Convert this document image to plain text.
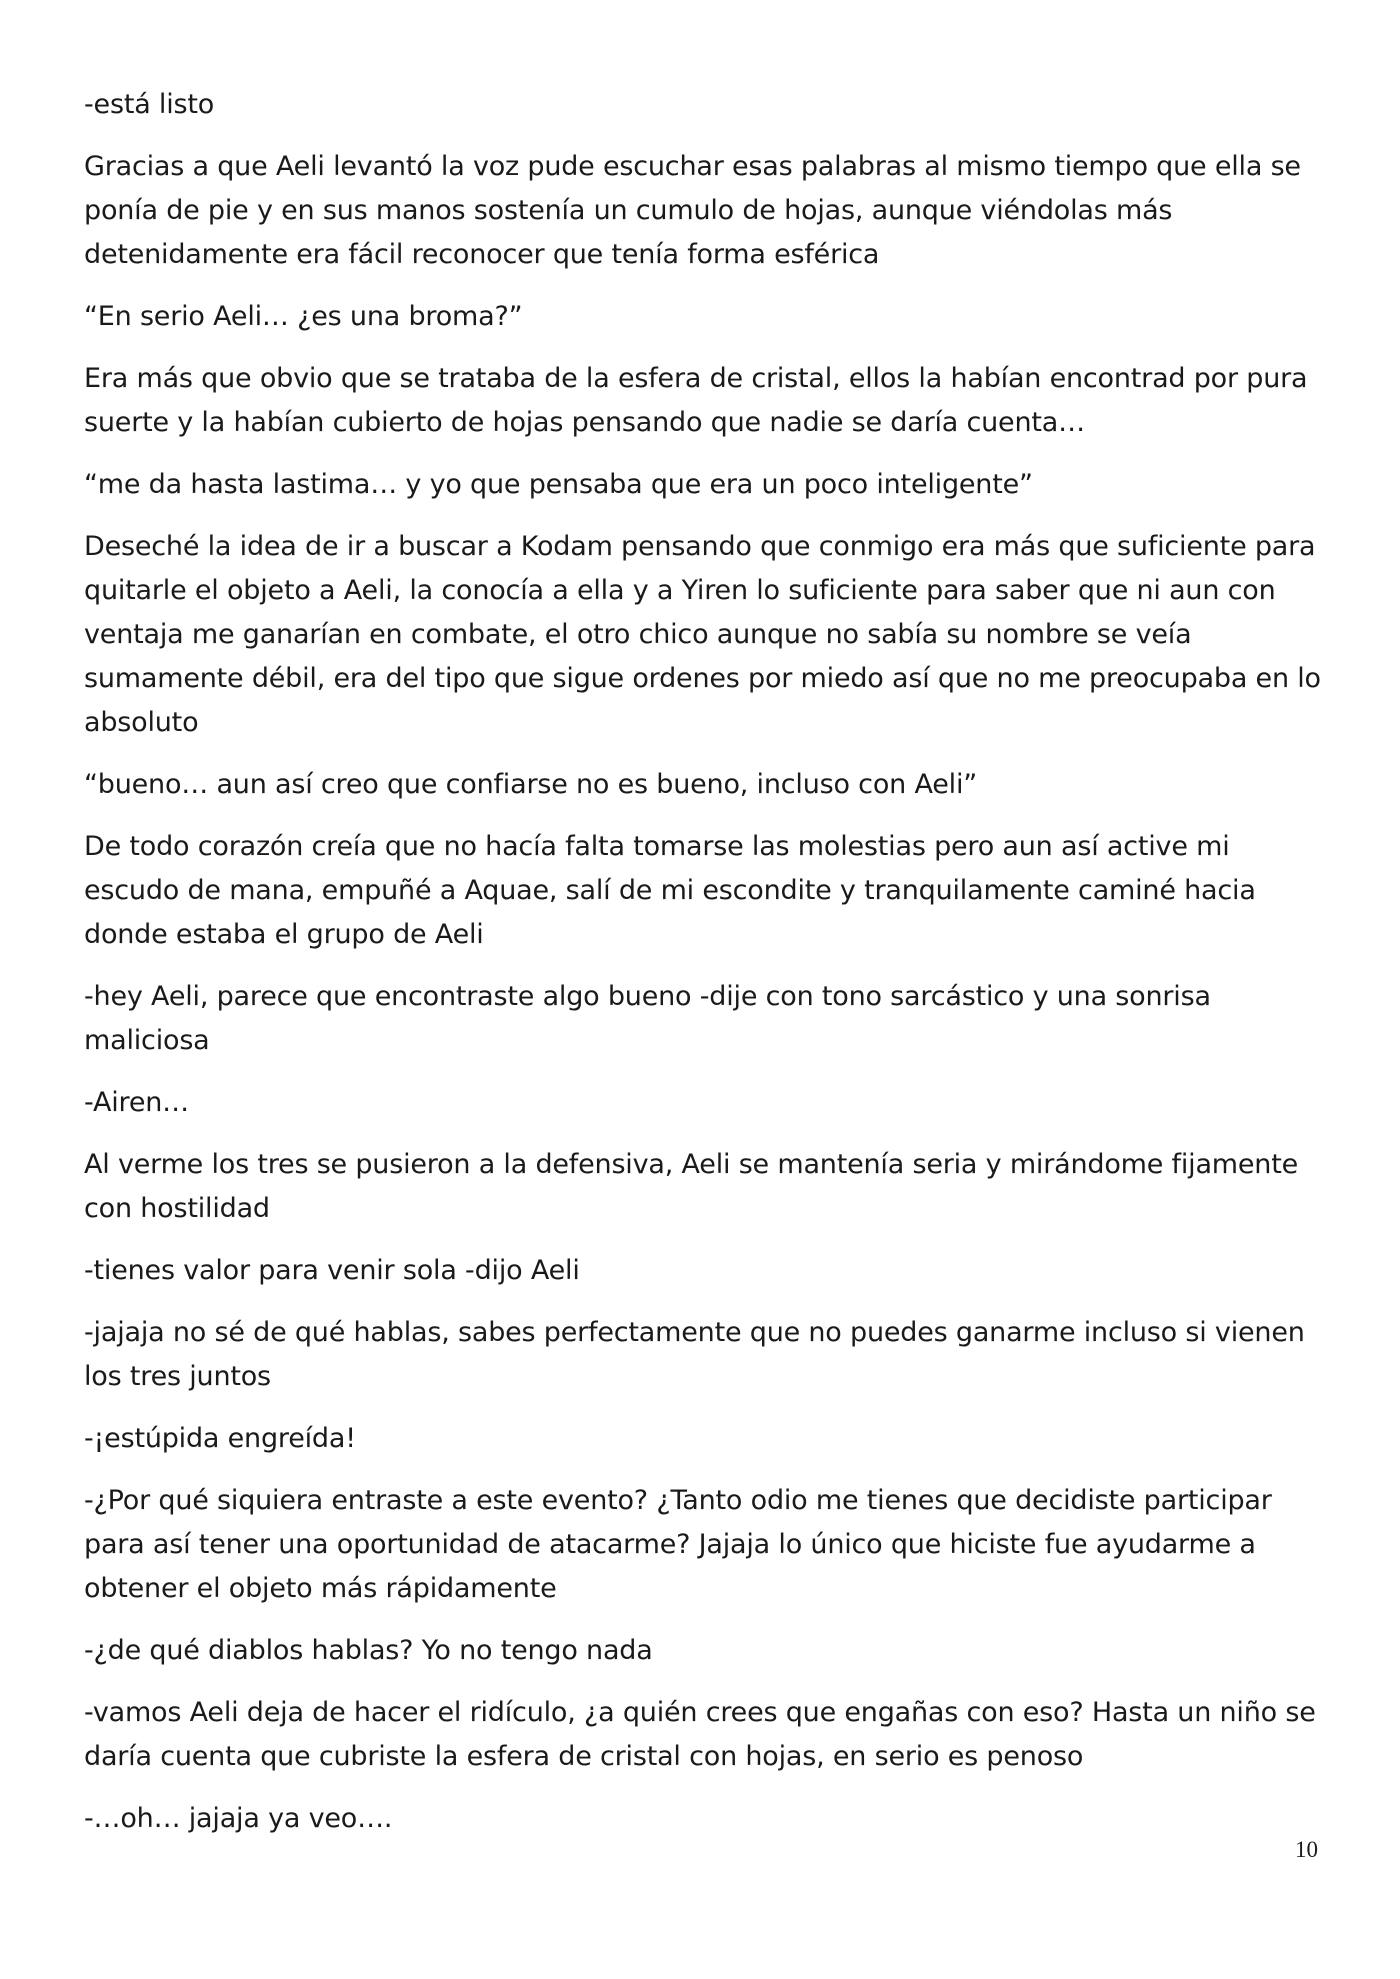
-está listo

Gracias a que Aeli levantó la voz pude escuchar esas palabras al mismo tiempo que ella se ponía de pie y en sus manos sostenía un cumulo de hojas, aunque viéndolas más detenidamente era fácil reconocer que tenía forma esférica

“En serio Aeli… ¿es una broma?”

Era más que obvio que se trataba de la esfera de cristal, ellos la habían encontrad por pura suerte y la habían cubierto de hojas pensando que nadie se daría cuenta…

“me da hasta lastima… y yo que pensaba que era un poco inteligente”

Deseché la idea de ir a buscar a Kodam pensando que conmigo era más que suficiente para quitarle el objeto a Aeli, la conocía a ella y a Yiren lo suficiente para saber que ni aun con ventaja me ganarían en combate, el otro chico aunque no sabía su nombre se veía sumamente débil, era del tipo que sigue ordenes por miedo así que no me preocupaba en lo absoluto

“bueno… aun así creo que confiarse no es bueno, incluso con Aeli”

De todo corazón creía que no hacía falta tomarse las molestias pero aun así active mi escudo de mana, empuñé a Aquae, salí de mi escondite y tranquilamente caminé hacia donde estaba el grupo de Aeli

-hey Aeli, parece que encontraste algo bueno -dije con tono sarcástico y una sonrisa maliciosa

-Airen…

Al verme los tres se pusieron a la defensiva, Aeli se mantenía seria y mirándome fijamente con hostilidad

-tienes valor para venir sola -dijo Aeli

-jajaja no sé de qué hablas, sabes perfectamente que no puedes ganarme incluso si vienen los tres juntos

-¡estúpida engreída!

-¿Por qué siquiera entraste a este evento? ¿Tanto odio me tienes que decidiste participar para así tener una oportunidad de atacarme? Jajaja lo único que hiciste fue ayudarme a obtener el objeto más rápidamente

-¿de qué diablos hablas? Yo no tengo nada

-vamos Aeli deja de hacer el ridículo, ¿a quién crees que engañas con eso? Hasta un niño se daría cuenta que cubriste la esfera de cristal con hojas, en serio es penoso

-…oh… jajaja ya veo….

10
